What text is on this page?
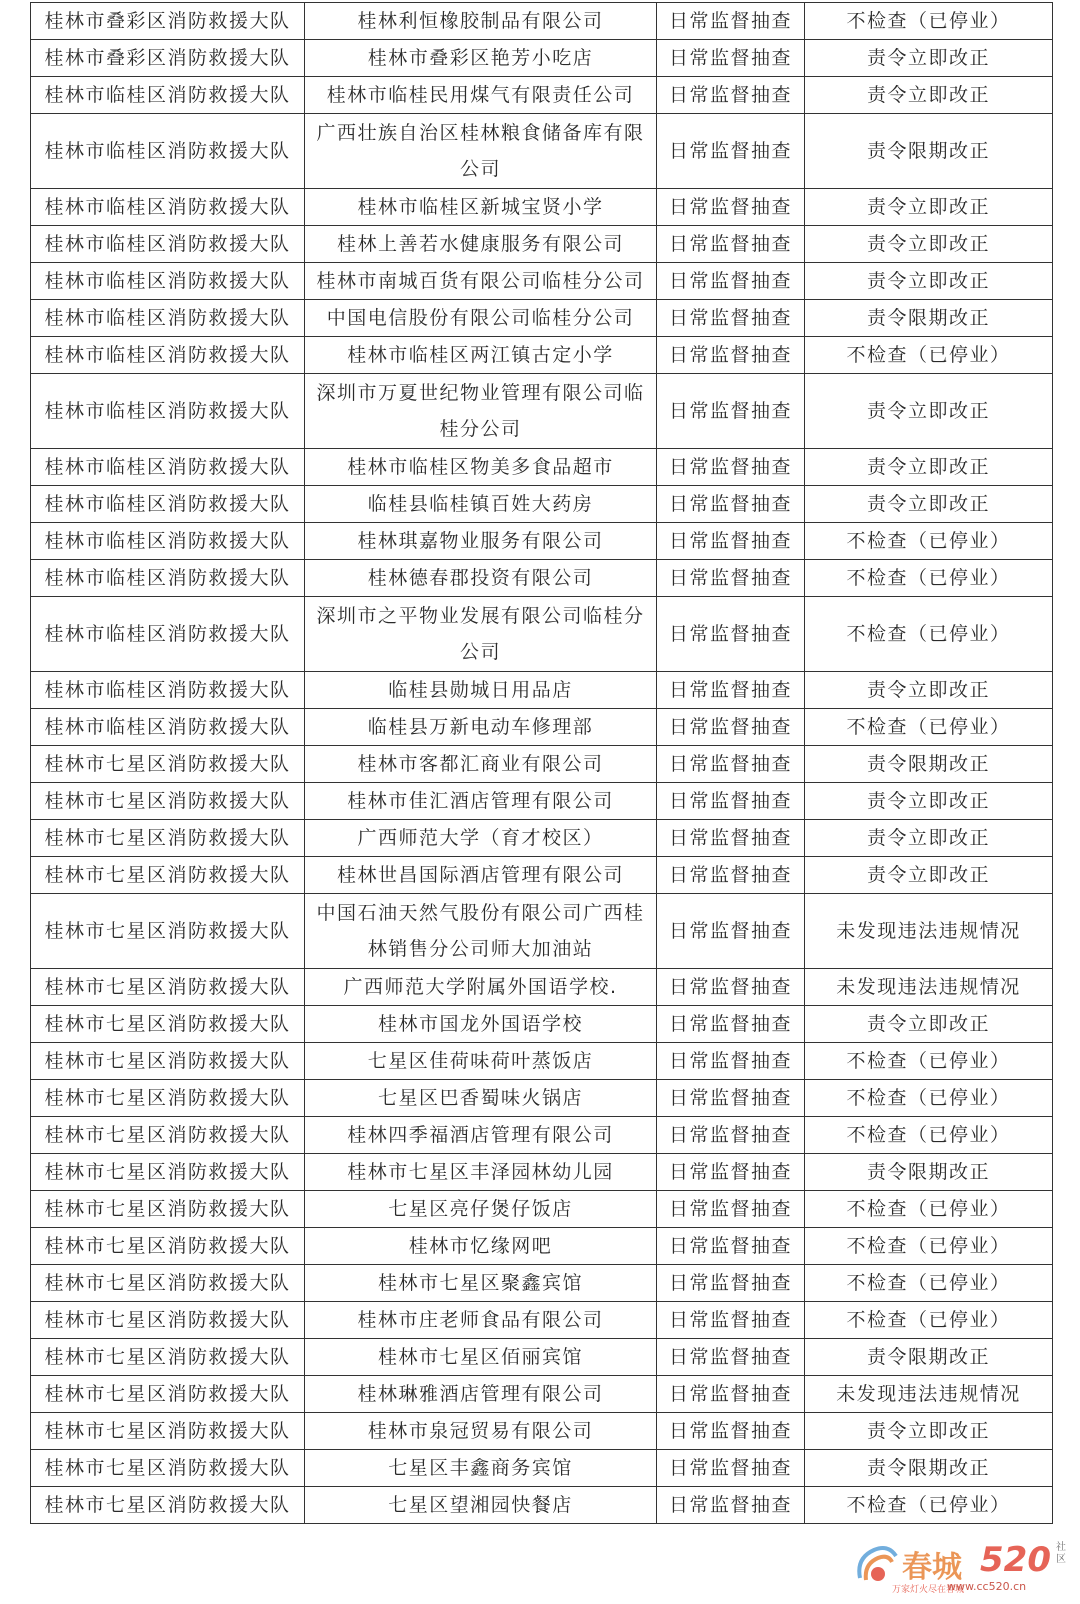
桂林市叠彩区消防救援大队	桂林利恒橡胶制品有限公司	日常监督抽查	不检查（已停业）
桂林市叠彩区消防救援大队	桂林市叠彩区艳芳小吃店	日常监督抽查	责令立即改正
桂林市临桂区消防救援大队	桂林市临桂民用煤气有限责任公司	日常监督抽查	责令立即改正
桂林市临桂区消防救援大队	广西壮族自治区桂林粮食储备库有限公司	日常监督抽查	责令限期改正
桂林市临桂区消防救援大队	桂林市临桂区新城宝贤小学	日常监督抽查	责令立即改正
桂林市临桂区消防救援大队	桂林上善若水健康服务有限公司	日常监督抽查	责令立即改正
桂林市临桂区消防救援大队	桂林市南城百货有限公司临桂分公司	日常监督抽查	责令立即改正
桂林市临桂区消防救援大队	中国电信股份有限公司临桂分公司	日常监督抽查	责令限期改正
桂林市临桂区消防救援大队	桂林市临桂区两江镇古定小学	日常监督抽查	不检查（已停业）
桂林市临桂区消防救援大队	深圳市万夏世纪物业管理有限公司临桂分公司	日常监督抽查	责令立即改正
桂林市临桂区消防救援大队	桂林市临桂区物美多食品超市	日常监督抽查	责令立即改正
桂林市临桂区消防救援大队	临桂县临桂镇百姓大药房	日常监督抽查	责令立即改正
桂林市临桂区消防救援大队	桂林琪嘉物业服务有限公司	日常监督抽查	不检查（已停业）
桂林市临桂区消防救援大队	桂林德春郡投资有限公司	日常监督抽查	不检查（已停业）
桂林市临桂区消防救援大队	深圳市之平物业发展有限公司临桂分公司	日常监督抽查	不检查（已停业）
桂林市临桂区消防救援大队	临桂县勋城日用品店	日常监督抽查	责令立即改正
桂林市临桂区消防救援大队	临桂县万新电动车修理部	日常监督抽查	不检查（已停业）
桂林市七星区消防救援大队	桂林市客都汇商业有限公司	日常监督抽查	责令限期改正
桂林市七星区消防救援大队	桂林市佳汇酒店管理有限公司	日常监督抽查	责令立即改正
桂林市七星区消防救援大队	广西师范大学（育才校区）	日常监督抽查	责令立即改正
桂林市七星区消防救援大队	桂林世昌国际酒店管理有限公司	日常监督抽查	责令立即改正
桂林市七星区消防救援大队	中国石油天然气股份有限公司广西桂林销售分公司师大加油站	日常监督抽查	未发现违法违规情况
桂林市七星区消防救援大队	广西师范大学附属外国语学校.	日常监督抽查	未发现违法违规情况
桂林市七星区消防救援大队	桂林市国龙外国语学校	日常监督抽查	责令立即改正
桂林市七星区消防救援大队	七星区佳荷味荷叶蒸饭店	日常监督抽查	不检查（已停业）
桂林市七星区消防救援大队	七星区巴香蜀味火锅店	日常监督抽查	不检查（已停业）
桂林市七星区消防救援大队	桂林四季福酒店管理有限公司	日常监督抽查	不检查（已停业）
桂林市七星区消防救援大队	桂林市七星区丰泽园林幼儿园	日常监督抽查	责令限期改正
桂林市七星区消防救援大队	七星区亮仔煲仔饭店	日常监督抽查	不检查（已停业）
桂林市七星区消防救援大队	桂林市忆缘网吧	日常监督抽查	不检查（已停业）
桂林市七星区消防救援大队	桂林市七星区聚鑫宾馆	日常监督抽查	不检查（已停业）
桂林市七星区消防救援大队	桂林市庄老师食品有限公司	日常监督抽查	不检查（已停业）
桂林市七星区消防救援大队	桂林市七星区佰丽宾馆	日常监督抽查	责令限期改正
桂林市七星区消防救援大队	桂林琳雅酒店管理有限公司	日常监督抽查	未发现违法违规情况
桂林市七星区消防救援大队	桂林市泉冠贸易有限公司	日常监督抽查	责令立即改正
桂林市七星区消防救援大队	七星区丰鑫商务宾馆	日常监督抽查	责令限期改正
桂林市七星区消防救援大队	七星区望湘园快餐店	日常监督抽查	不检查（已停业）
春城 520 社区
万家灯火尽在春城
www.cc520.cn
